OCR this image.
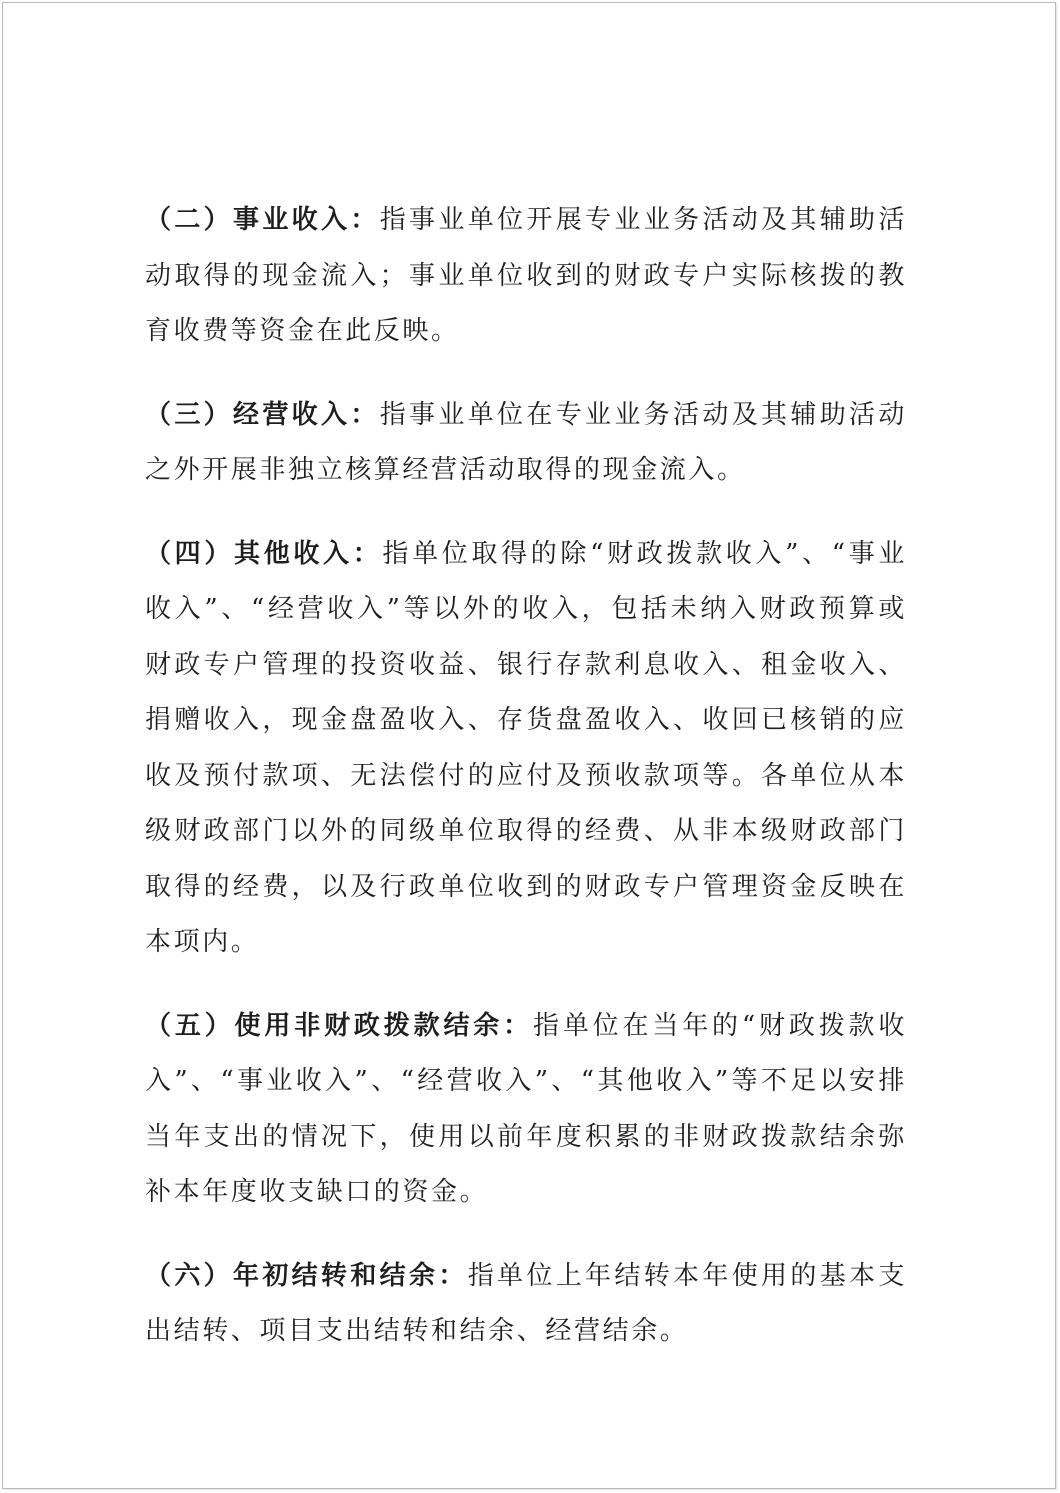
（二）事业收入：指事业单位开展专业业务活动及其辅助活动取得的现金流入；事业单位收到的财政专户实际核拨的教育收费等资金在此反映。

（三）经营收入：指事业单位在专业业务活动及其辅助活动之外开展非独立核算经营活动取得的现金流入。

（四）其他收入：指单位取得的除“财政拨款收入”、“事业收入”、“经营收入”等以外的收入，包括未纳入财政预算或财政专户管理的投资收益、银行存款利息收入、租金收入、捐赠收入，现金盘盈收入、存货盘盈收入、收回已核销的应收及预付款项、无法偿付的应付及预收款项等。各单位从本级财政部门以外的同级单位取得的经费、从非本级财政部门取得的经费，以及行政单位收到的财政专户管理资金反映在本项内。

（五）使用非财政拨款结余：指单位在当年的“财政拨款收入”、“事业收入”、“经营收入”、“其他收入”等不足以安排当年支出的情况下，使用以前年度积累的非财政拨款结余弥补本年度收支缺口的资金。

（六）年初结转和结余：指单位上年结转本年使用的基本支出结转、项目支出结转和结余、经营结余。
